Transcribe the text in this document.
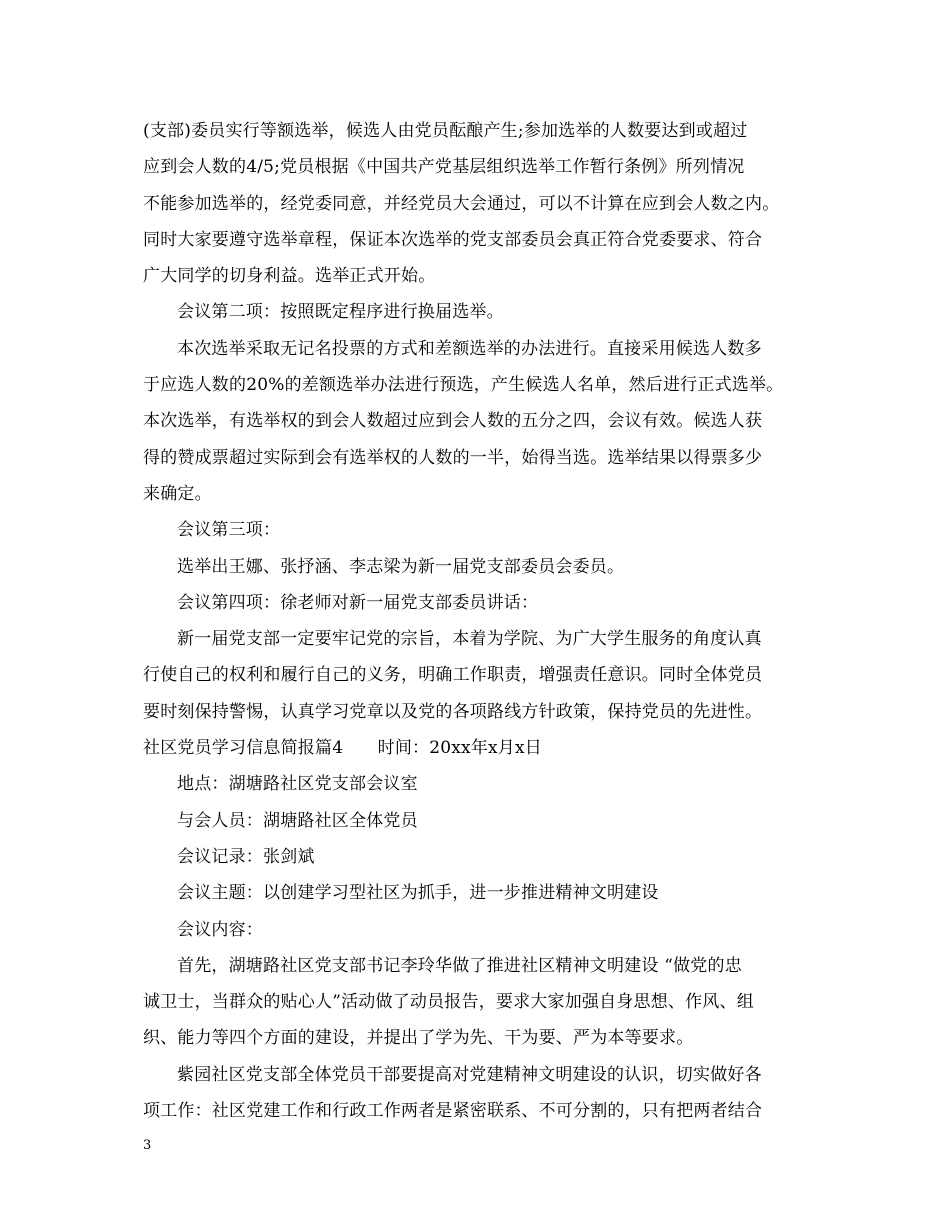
(支部)委员实行等额选举，候选人由党员酝酿产生;参加选举的人数要达到或超过
应到会人数的4/5;党员根据《中国共产党基层组织选举工作暂行条例》所列情况
不能参加选举的，经党委同意，并经党员大会通过，可以不计算在应到会人数之内。
同时大家要遵守选举章程，保证本次选举的党支部委员会真正符合党委要求、符合
广大同学的切身利益。选举正式开始。
会议第二项：按照既定程序进行换届选举。
本次选举采取无记名投票的方式和差额选举的办法进行。直接采用候选人数多
于应选人数的20%的差额选举办法进行预选，产生候选人名单，然后进行正式选举。
本次选举，有选举权的到会人数超过应到会人数的五分之四，会议有效。候选人获
得的赞成票超过实际到会有选举权的人数的一半，始得当选。选举结果以得票多少
来确定。
会议第三项：
选举出王娜、张抒涵、李志梁为新一届党支部委员会委员。
会议第四项：徐老师对新一届党支部委员讲话：
新一届党支部一定要牢记党的宗旨，本着为学院、为广大学生服务的角度认真
行使自己的权利和履行自己的义务，明确工作职责，增强责任意识。同时全体党员
要时刻保持警惕，认真学习党章以及党的各项路线方针政策，保持党员的先进性。
社区党员学习信息简报篇4　　时间：20xx年x月x日
地点：湖塘路社区党支部会议室
与会人员：湖塘路社区全体党员
会议记录：张剑斌
会议主题：以创建学习型社区为抓手，进一步推进精神文明建设
会议内容：
首先，湖塘路社区党支部书记李玲华做了推进社区精神文明建设 “做党的忠
诚卫士，当群众的贴心人”活动做了动员报告，要求大家加强自身思想、作风、组
织、能力等四个方面的建设，并提出了学为先、干为要、严为本等要求。
紫园社区党支部全体党员干部要提高对党建精神文明建设的认识，切实做好各
项工作：社区党建工作和行政工作两者是紧密联系、不可分割的，只有把两者结合
3
